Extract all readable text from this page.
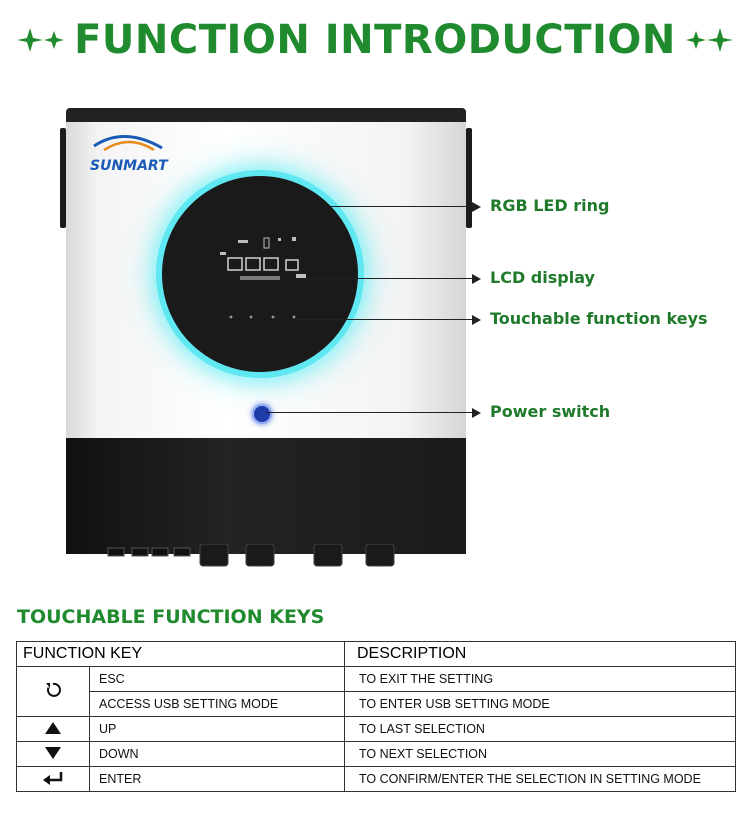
FUNCTION INTRODUCTION
SUNMART
RGB LED ring
LCD display
Touchable function keys
Power switch
TOUCHABLE FUNCTION KEYS
FUNCTION KEY		DESCRIPTION
	ESC	TO EXIT THE SETTING
	ACCESS USB SETTING MODE	TO ENTER USB SETTING MODE
	UP	TO LAST SELECTION
	DOWN	TO NEXT SELECTION
	ENTER	TO CONFIRM/ENTER THE SELECTION IN SETTING MODE
